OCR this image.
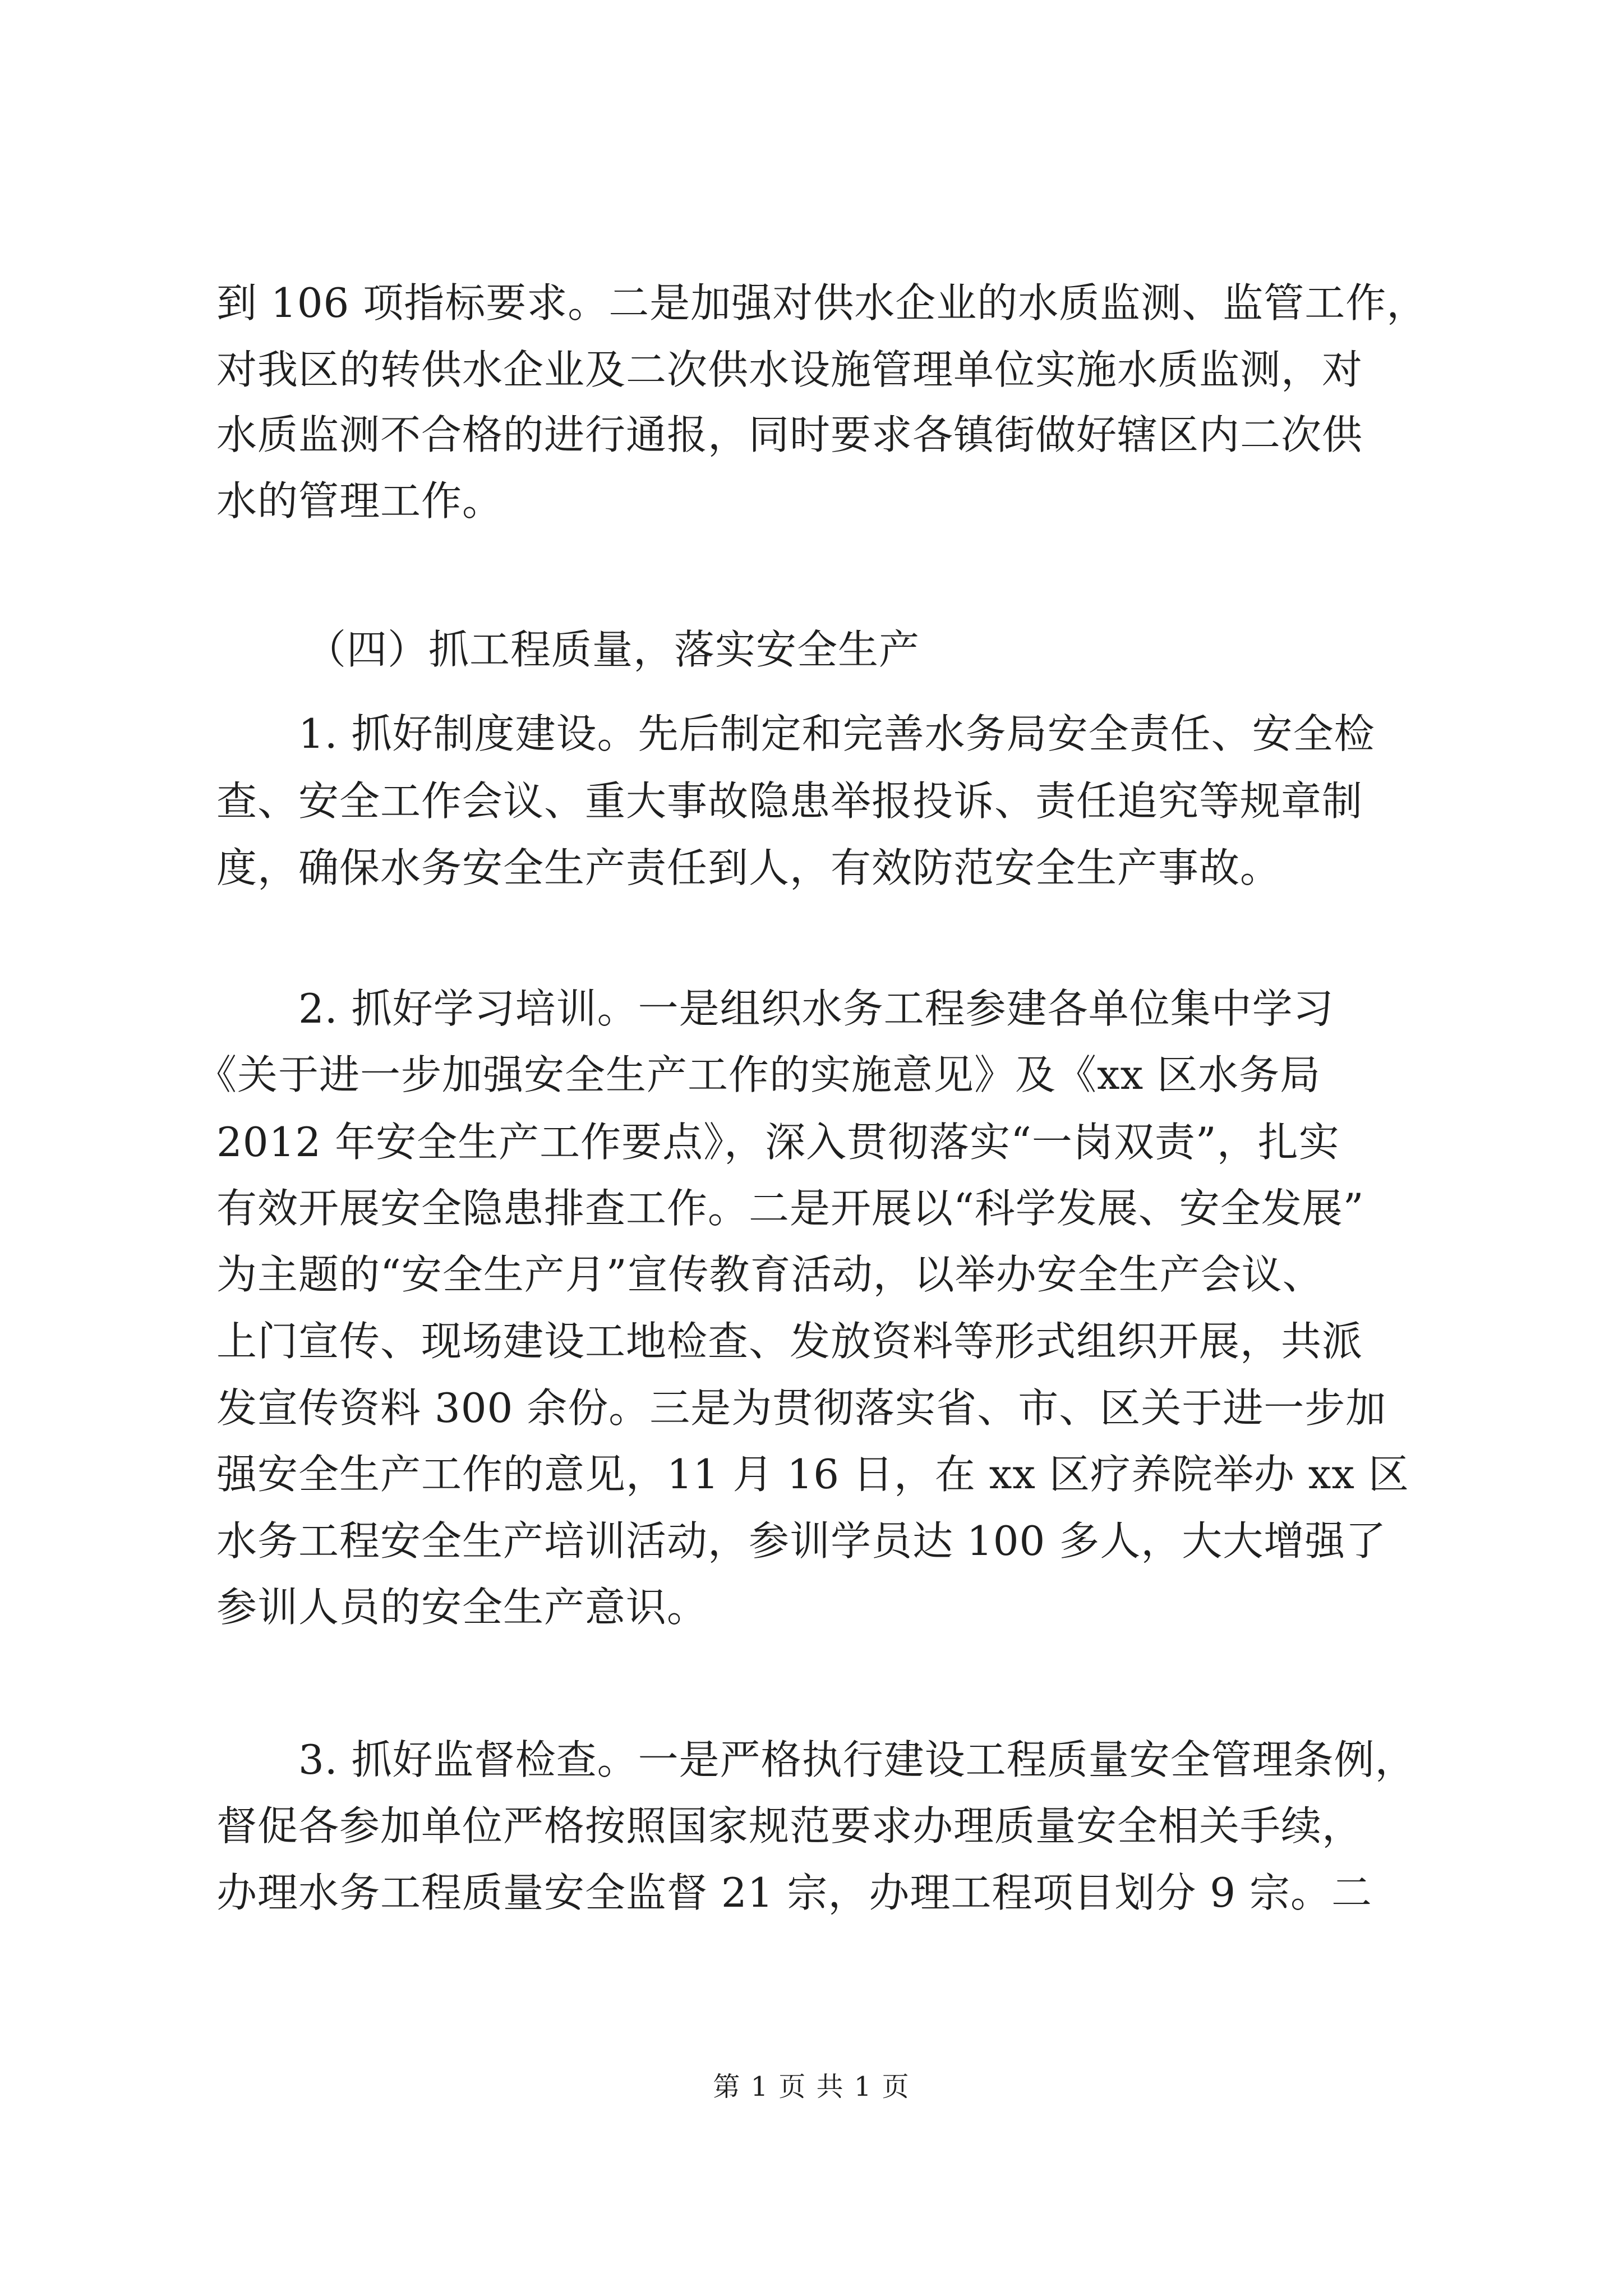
到 106 项指标要求。二是加强对供水企业的水质监测、监管工作，

对我区的转供水企业及二次供水设施管理单位实施水质监测，对

水质监测不合格的进行通报，同时要求各镇街做好辖区内二次供

水的管理工作。

（四）抓工程质量，落实安全生产

1. 抓好制度建设。先后制定和完善水务局安全责任、安全检

查、安全工作会议、重大事故隐患举报投诉、责任追究等规章制

度，确保水务安全生产责任到人，有效防范安全生产事故。

2. 抓好学习培训。一是组织水务工程参建各单位集中学习

《关于进一步加强安全生产工作的实施意见》及《xx 区水务局

2012 年安全生产工作要点》，深入贯彻落实“一岗双责”，扎实

有效开展安全隐患排查工作。二是开展以“科学发展、安全发展”

为主题的“安全生产月”宣传教育活动，以举办安全生产会议、

上门宣传、现场建设工地检查、发放资料等形式组织开展，共派

发宣传资料 300 余份。三是为贯彻落实省、市、区关于进一步加

强安全生产工作的意见，11 月 16 日，在 xx 区疗养院举办 xx 区

水务工程安全生产培训活动，参训学员达 100 多人，大大增强了

参训人员的安全生产意识。

3. 抓好监督检查。一是严格执行建设工程质量安全管理条例，

督促各参加单位严格按照国家规范要求办理质量安全相关手续，

办理水务工程质量安全监督 21 宗，办理工程项目划分 9 宗。二

第 1 页 共 1 页
